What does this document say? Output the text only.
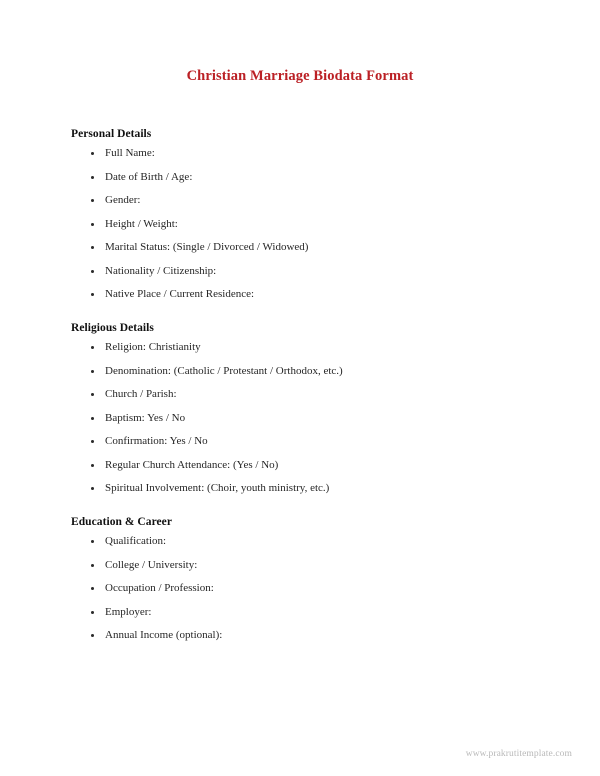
Christian Marriage Biodata Format
Personal Details
Full Name:
Date of Birth / Age:
Gender:
Height / Weight:
Marital Status: (Single / Divorced / Widowed)
Nationality / Citizenship:
Native Place / Current Residence:
Religious Details
Religion: Christianity
Denomination: (Catholic / Protestant / Orthodox, etc.)
Church / Parish:
Baptism: Yes / No
Confirmation: Yes / No
Regular Church Attendance: (Yes / No)
Spiritual Involvement: (Choir, youth ministry, etc.)
Education & Career
Qualification:
College / University:
Occupation / Profession:
Employer:
Annual Income (optional):
www.prakrutitemplate.com
